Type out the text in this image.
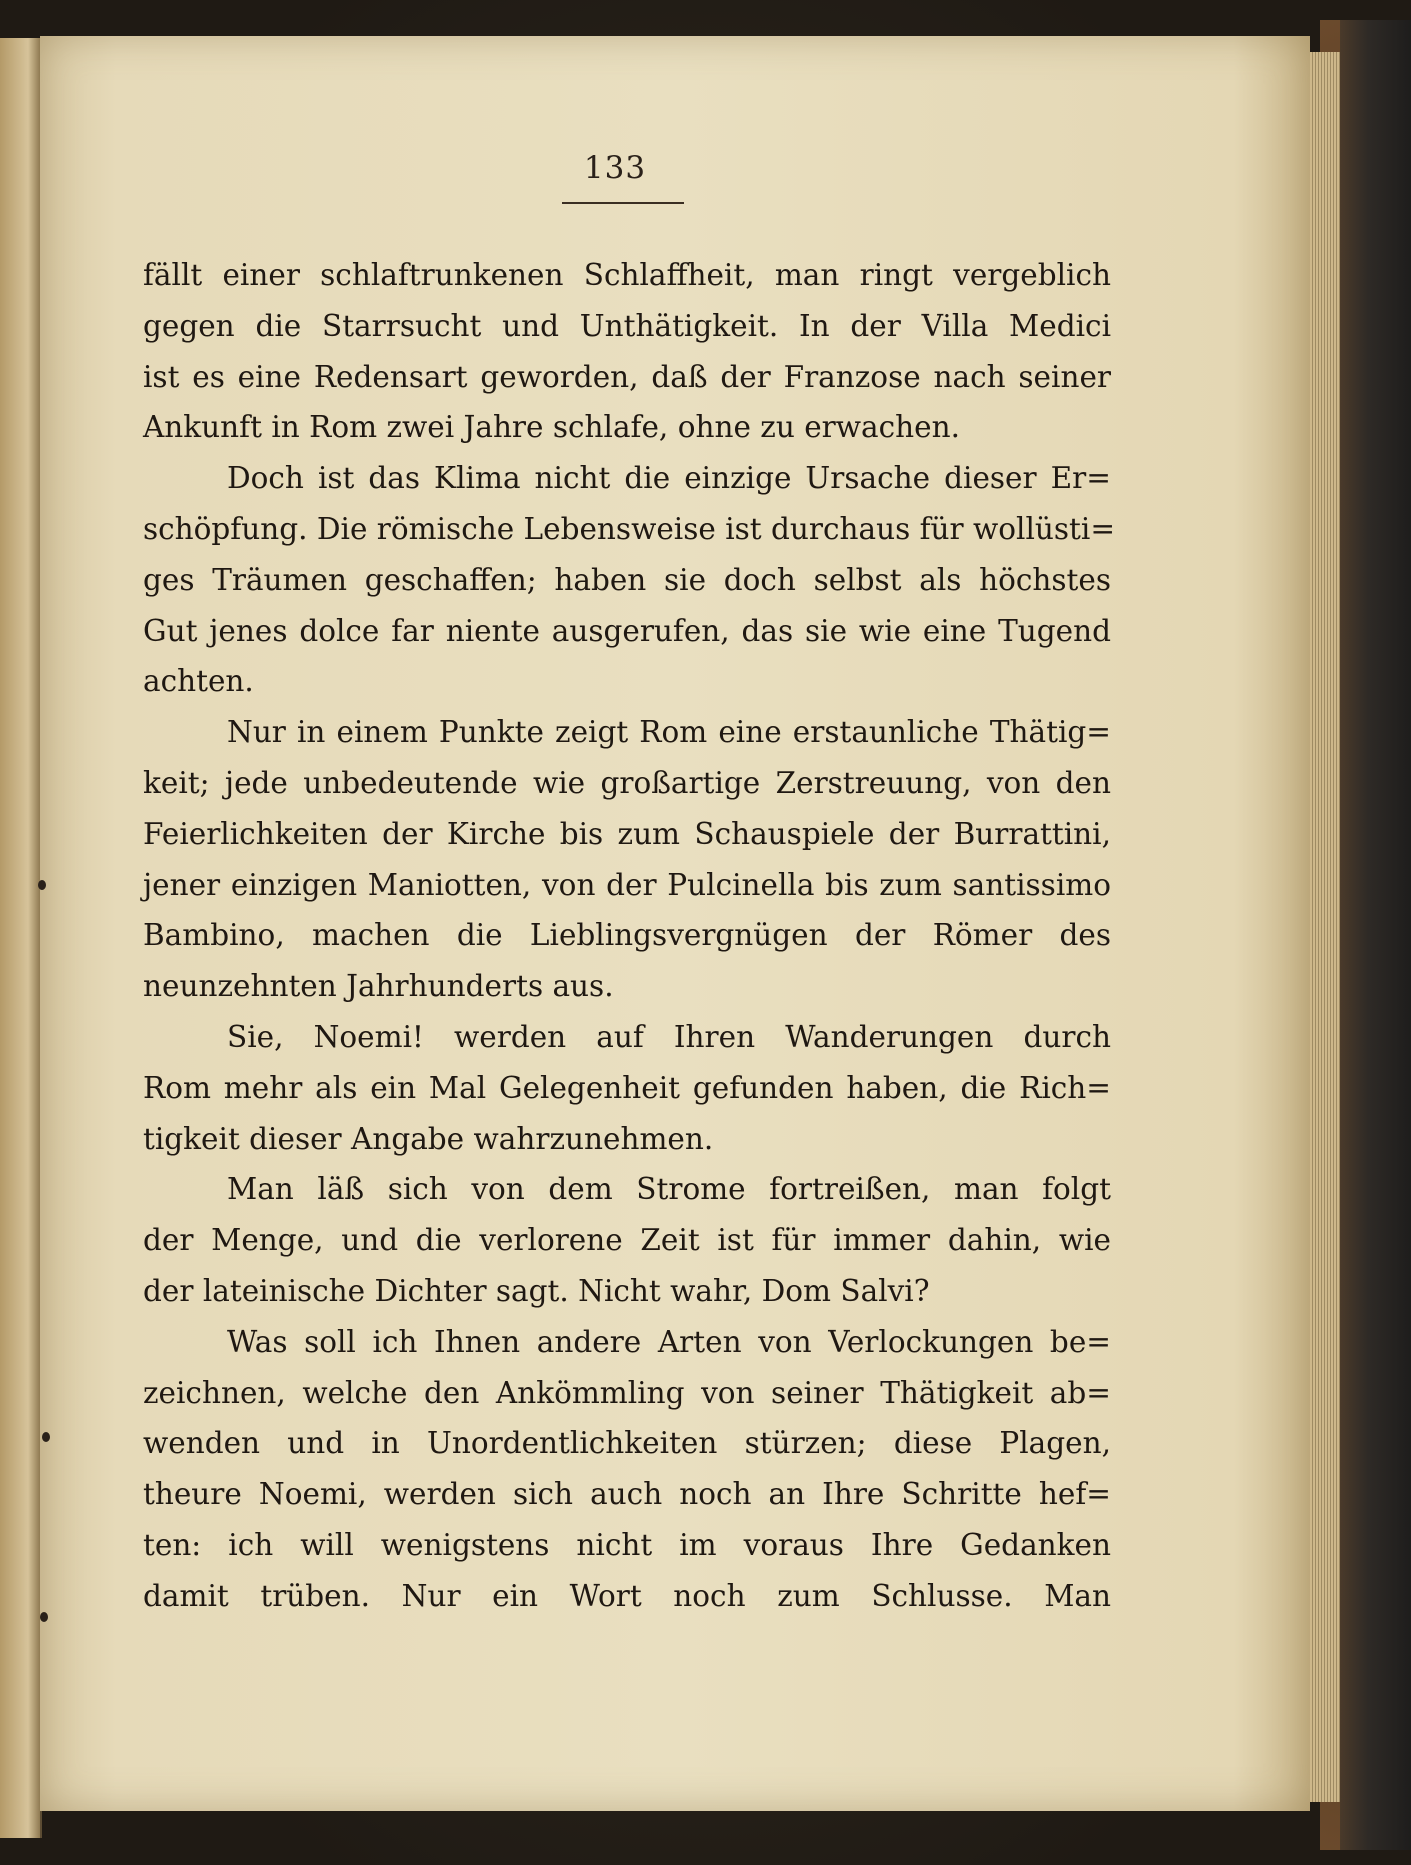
133
fällt einer schlaftrunkenen Schlaffheit, man ringt vergeblich
gegen die Starrsucht und Unthätigkeit. In der Villa Medici
ist es eine Redensart geworden, daß der Franzose nach seiner
Ankunft in Rom zwei Jahre schlafe, ohne zu erwachen.
Doch ist das Klima nicht die einzige Ursache dieser Er=
schöpfung. Die römische Lebensweise ist durchaus für wollüsti=
ges Träumen geschaffen; haben sie doch selbst als höchstes
Gut jenes dolce far niente ausgerufen, das sie wie eine Tugend
achten.
Nur in einem Punkte zeigt Rom eine erstaunliche Thätig=
keit; jede unbedeutende wie großartige Zerstreuung, von den
Feierlichkeiten der Kirche bis zum Schauspiele der Burrattini,
jener einzigen Maniotten, von der Pulcinella bis zum santissimo
Bambino, machen die Lieblingsvergnügen der Römer des
neunzehnten Jahrhunderts aus.
Sie, Noemi! werden auf Ihren Wanderungen durch
Rom mehr als ein Mal Gelegenheit gefunden haben, die Rich=
tigkeit dieser Angabe wahrzunehmen.
Man läß sich von dem Strome fortreißen, man folgt
der Menge, und die verlorene Zeit ist für immer dahin, wie
der lateinische Dichter sagt. Nicht wahr, Dom Salvi?
Was soll ich Ihnen andere Arten von Verlockungen be=
zeichnen, welche den Ankömmling von seiner Thätigkeit ab=
wenden und in Unordentlichkeiten stürzen; diese Plagen,
theure Noemi, werden sich auch noch an Ihre Schritte hef=
ten: ich will wenigstens nicht im voraus Ihre Gedanken
damit trüben. Nur ein Wort noch zum Schlusse. Man
